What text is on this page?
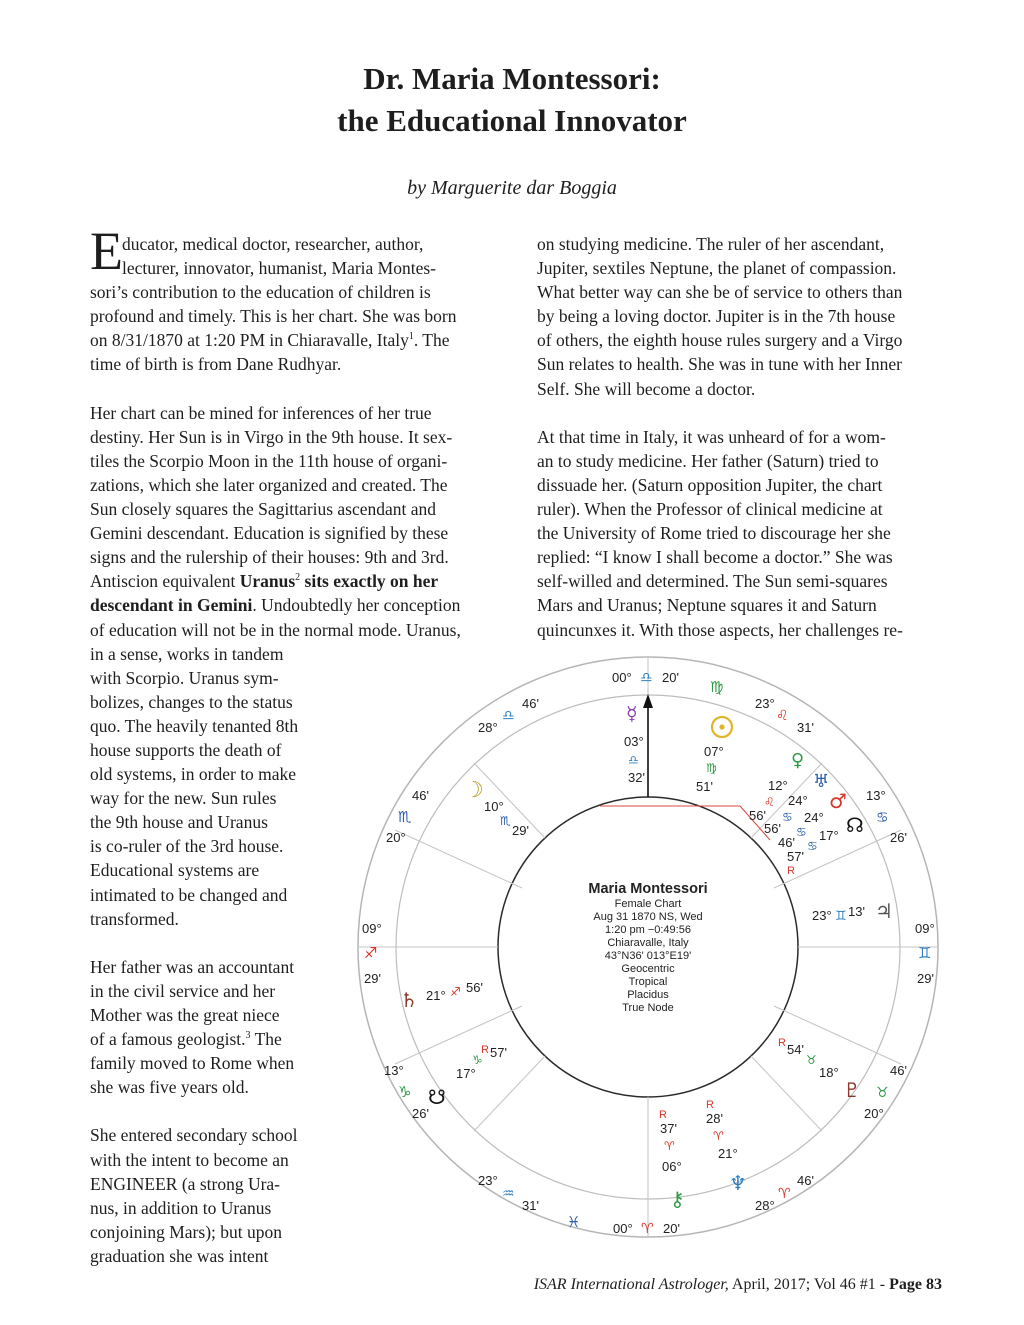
Dr. Maria Montessori:
the Educational Innovator
by Marguerite dar Boggia
E ducator, medical doctor, researcher, author,
lecturer, innovator, humanist, Maria Montes-
sori’s contribution to the education of children is
profound and timely. This is her chart. She was born
on 8/31/1870 at 1:20 PM in Chiaravalle, Italy$^1$. The
time of birth is from Dane Rudhyar.
Her chart can be mined for inferences of her true
destiny. Her Sun is in Virgo in the 9th house. It sex-
tiles the Scorpio Moon in the 11th house of organi-
zations, which she later organized and created. The
Sun closely squares the Sagittarius ascendant and
Gemini descendant. Education is signified by these
signs and the rulership of their houses: 9th and 3rd.
Antiscion equivalent Uranus$^2$ sits exactly on her
descendant in Gemini. Undoubtedly her conception
of education will not be in the normal mode. Uranus,
in a sense, works in tandem
with Scorpio. Uranus sym-
bolizes, changes to the status
quo. The heavily tenanted 8th
house supports the death of
old systems, in order to make
way for the new. Sun rules
the 9th house and Uranus
is co-ruler of the 3rd house.
Educational systems are
intimated to be changed and
transformed.
Her father was an accountant
in the civil service and her
Mother was the great niece
of a famous geologist.$^3$ The
family moved to Rome when
she was five years old.
She entered secondary school
with the intent to become an
ENGINEER (a strong Ura-
nus, in addition to Uranus
conjoining Mars); but upon
graduation she was intent
on studying medicine. The ruler of her ascendant,
Jupiter, sextiles Neptune, the planet of compassion.
What better way can she be of service to others than
by being a loving doctor. Jupiter is in the 7th house
of others, the eighth house rules surgery and a Virgo
Sun relates to health. She was in tune with her Inner
Self. She will become a doctor.
At that time in Italy, it was unheard of for a wom-
an to study medicine. Her father (Saturn) tried to
dissuade her. (Saturn opposition Jupiter, the chart
ruler). When the Professor of clinical medicine at
the University of Rome tried to discourage her she
replied: “I know I shall become a doctor.” She was
self-willed and determined. The Sun semi-squares
Mars and Uranus; Neptune squares it and Saturn
quincunxes it. With those aspects, her challenges re-
Maria Montessori
Female Chart
Aug 31 1870 NS, Wed
1:20 pm −0:49:56
Chiaravalle, Italy
43°N36' 013°E19'
Geocentric
Tropical
Placidus
True Node
00° ♎ 20'
00° ♈ 20'
09°
♐
29'
09°
♊
29'
28°
♎
46'
46'
♏
20°
13°
♑
26'
23°
♒
31'
♓
23°
♌
31'
♍
13°
♋
26'
46'
♉
20°
46'
♈
28°
☿
03°
♎
32'
07°
♍
51'
☽
10°
♏
29'
♀
12°
♌
56'
♅
24°
♋
56'
♂
24°
♋
46'
☊
17°
♋
57'
R
23° ♊ 13' ♃
♄ 21° ♐ 56'
R 57'
♑
17°
☋
R 54'
♉
18°
♇
R
37'
♈
06°
⚷
R
28'
♈
21°
♆
ISAR International Astrologer, April, 2017; Vol 46 #1 - Page 83
